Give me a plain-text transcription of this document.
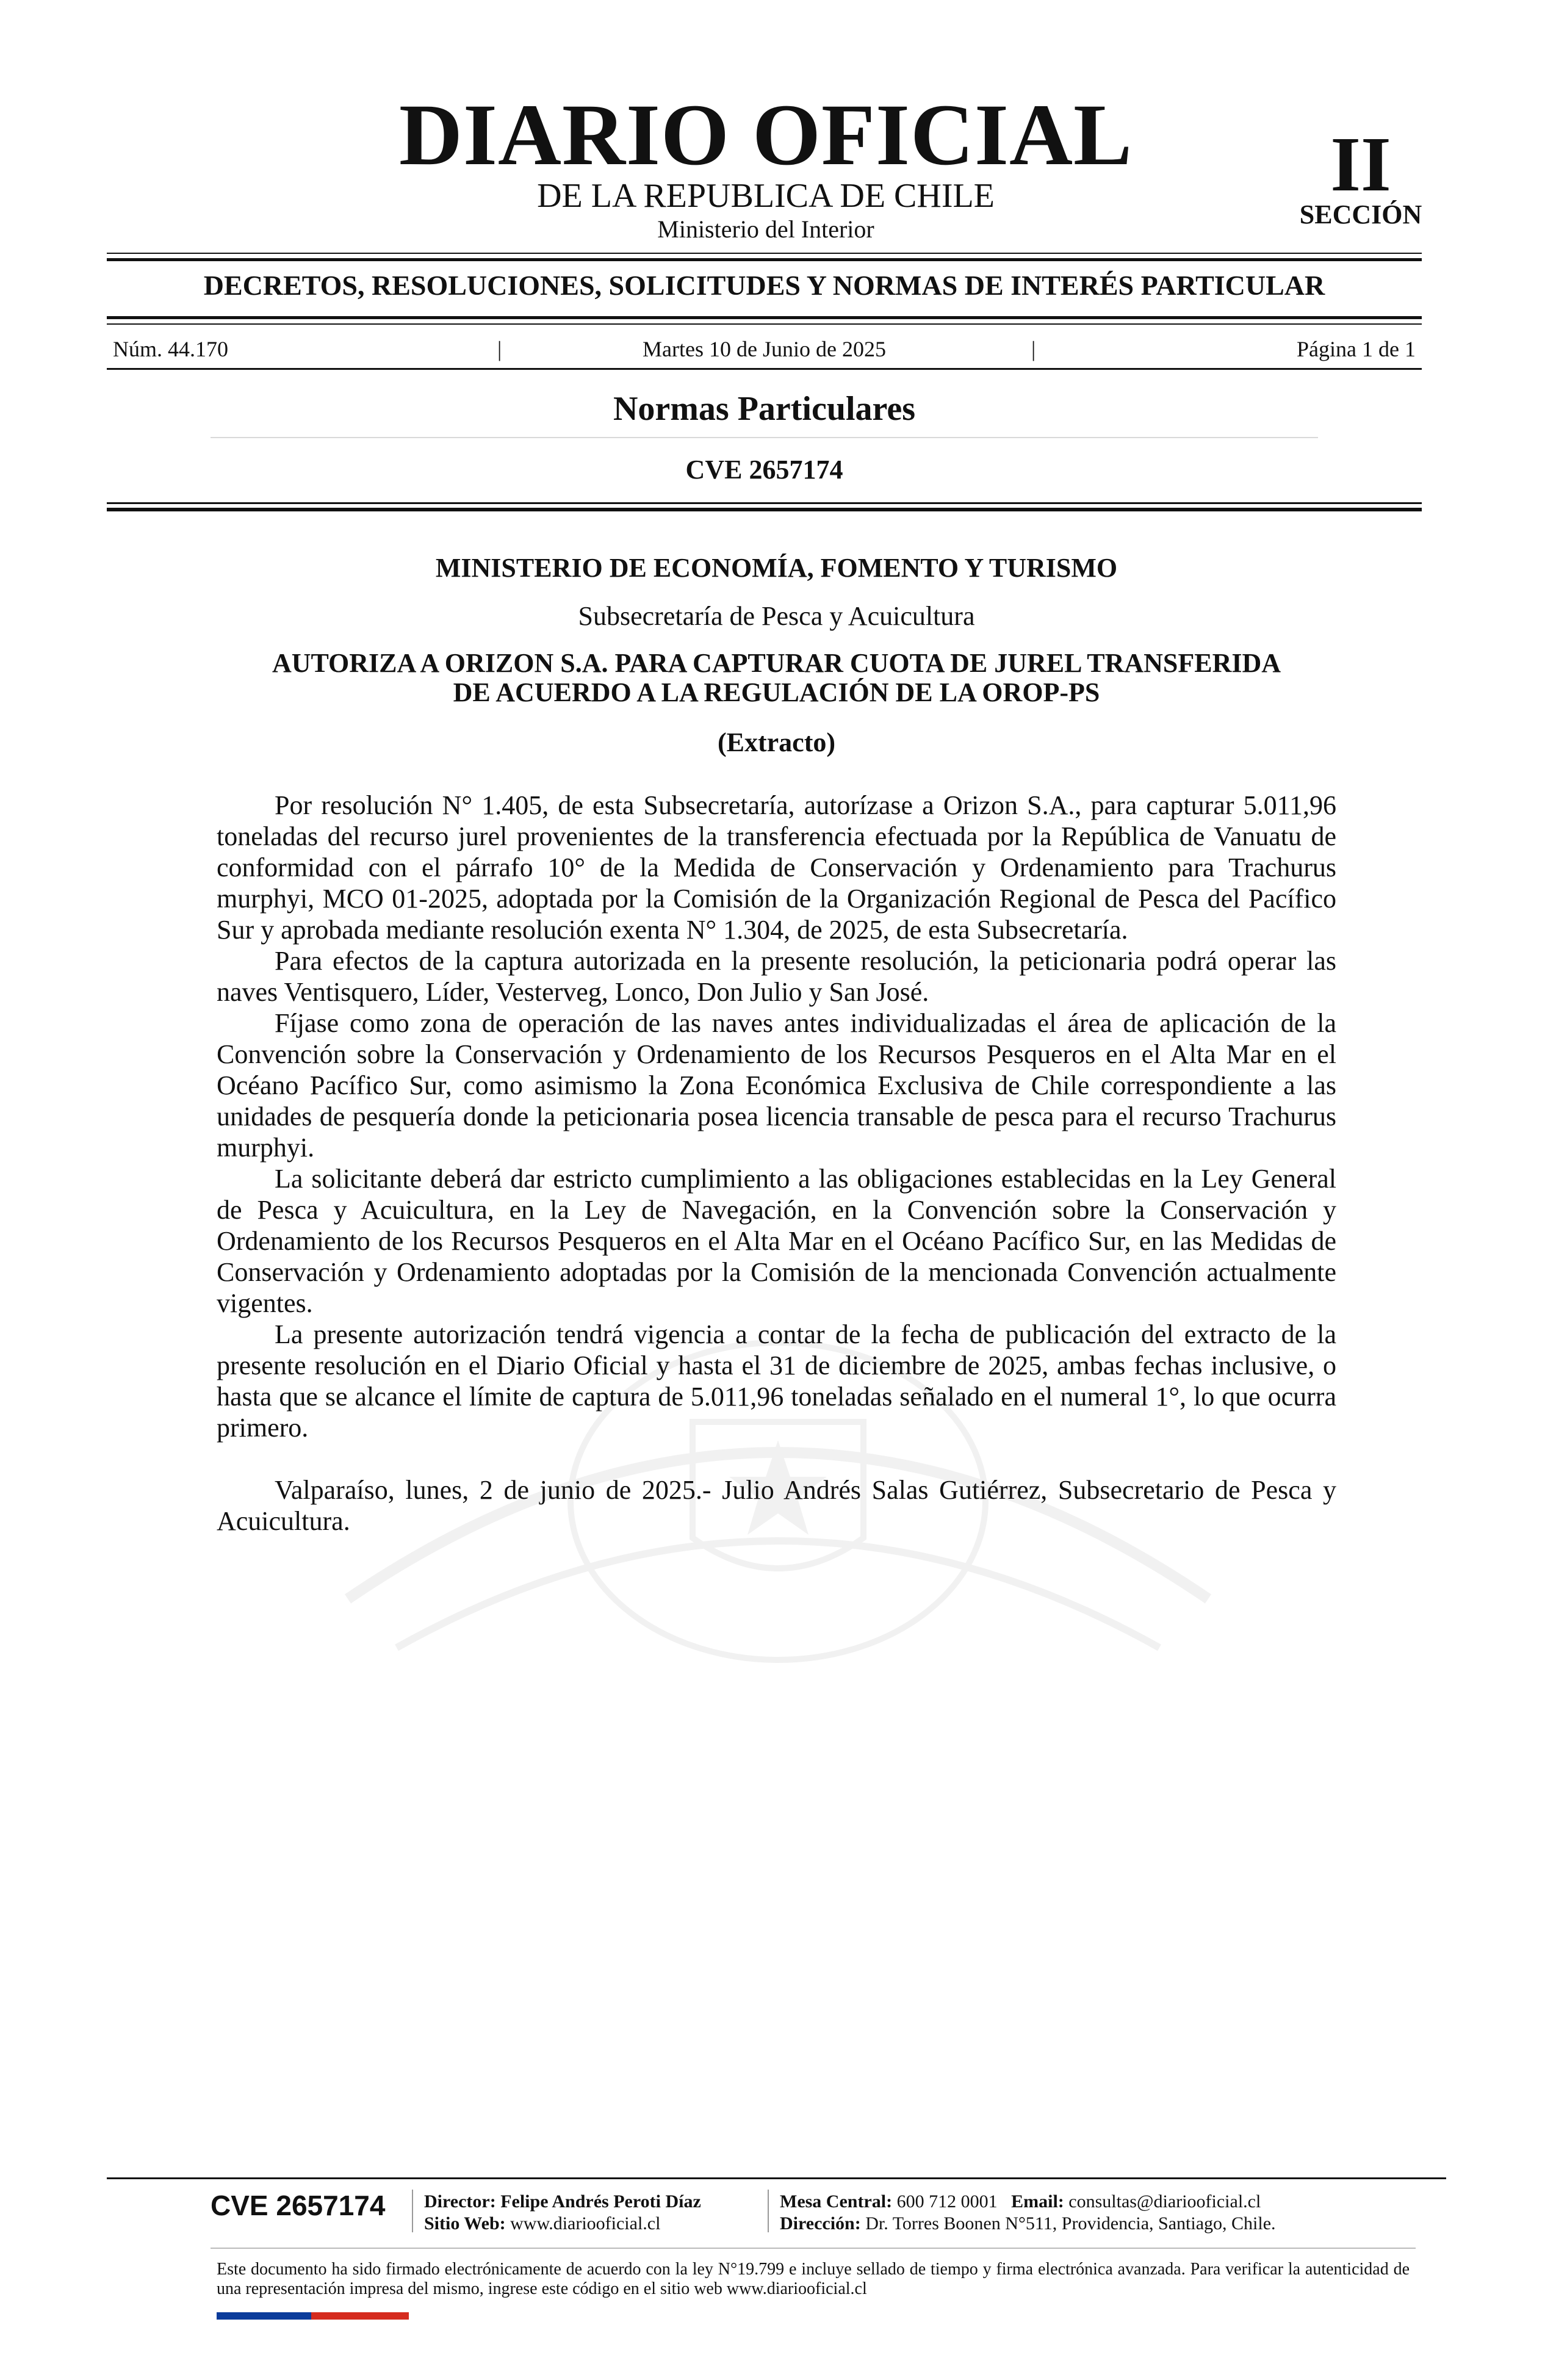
DIARIO OFICIAL
DE LA REPUBLICA DE CHILE
Ministerio del Interior
II
SECCIÓN
DECRETOS, RESOLUCIONES, SOLICITUDES Y NORMAS DE INTERÉS PARTICULAR
Núm. 44.170	|	Martes 10 de Junio de 2025	|	Página 1 de 1
Normas Particulares
CVE 2657174
MINISTERIO DE ECONOMÍA, FOMENTO Y TURISMO
Subsecretaría de Pesca y Acuicultura
AUTORIZA A ORIZON S.A. PARA CAPTURAR CUOTA DE JUREL TRANSFERIDA
DE ACUERDO A LA REGULACIÓN DE LA OROP-PS
(Extracto)

Por resolución N° 1.405, de esta Subsecretaría, autorízase a Orizon S.A., para capturar 5.011,96 toneladas del recurso jurel provenientes de la transferencia efectuada por la República de Vanuatu de conformidad con el párrafo 10° de la Medida de Conservación y Ordenamiento para Trachurus murphyi, MCO 01-2025, adoptada por la Comisión de la Organización Regional de Pesca del Pacífico Sur y aprobada mediante resolución exenta N° 1.304, de 2025, de esta Subsecretaría.

Para efectos de la captura autorizada en la presente resolución, la peticionaria podrá operar las naves Ventisquero, Líder, Vesterveg, Lonco, Don Julio y San José.

Fíjase como zona de operación de las naves antes individualizadas el área de aplicación de la Convención sobre la Conservación y Ordenamiento de los Recursos Pesqueros en el Alta Mar en el Océano Pacífico Sur, como asimismo la Zona Económica Exclusiva de Chile correspondiente a las unidades de pesquería donde la peticionaria posea licencia transable de pesca para el recurso Trachurus murphyi.

La solicitante deberá dar estricto cumplimiento a las obligaciones establecidas en la Ley General de Pesca y Acuicultura, en la Ley de Navegación, en la Convención sobre la Conservación y Ordenamiento de los Recursos Pesqueros en el Alta Mar en el Océano Pacífico Sur, en las Medidas de Conservación y Ordenamiento adoptadas por la Comisión de la mencionada Convención actualmente vigentes.

La presente autorización tendrá vigencia a contar de la fecha de publicación del extracto de la presente resolución en el Diario Oficial y hasta el 31 de diciembre de 2025, ambas fechas inclusive, o hasta que se alcance el límite de captura de 5.011,96 toneladas señalado en el numeral 1°, lo que ocurra primero.

Valparaíso, lunes, 2 de junio de 2025.- Julio Andrés Salas Gutiérrez, Subsecretario de Pesca y Acuicultura.

CVE 2657174 Director: Felipe Andrés Peroti Díaz
Sitio Web: www.diariooficial.cl
Mesa Central: 600 712 0001 Email: consultas@diariooficial.cl
Dirección: Dr. Torres Boonen N°511, Providencia, Santiago, Chile.
Este documento ha sido firmado electrónicamente de acuerdo con la ley N°19.799 e incluye sellado de tiempo y firma electrónica avanzada. Para verificar la autenticidad de una representación impresa del mismo, ingrese este código en el sitio web www.diariooficial.cl
